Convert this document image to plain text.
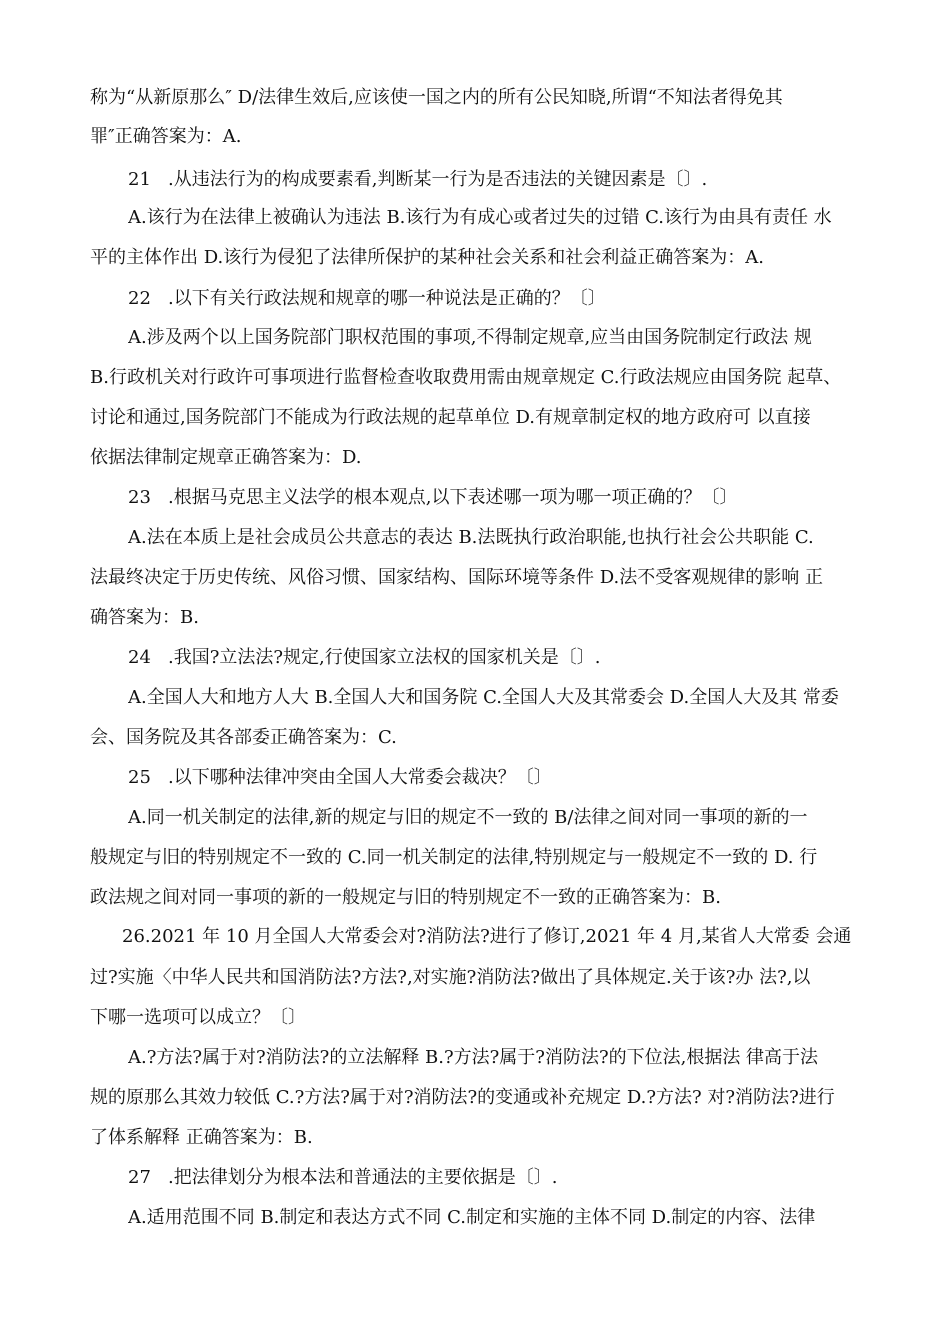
称为“从新原那么″ D/法律生效后,应该使一国之内的所有公民知晓,所谓“不知法者得免其
罪″正确答案为：A.
21 .从违法行为的构成要素看,判断某一行为是否违法的关键因素是〔〕.
A.该行为在法律上被确认为违法 B.该行为有成心或者过失的过错 C.该行为由具有责任 水
平的主体作出 D.该行为侵犯了法律所保护的某种社会关系和社会利益正确答案为：A.
22 .以下有关行政法规和规章的哪一种说法是正确的？〔〕
A.涉及两个以上国务院部门职权范围的事项,不得制定规章,应当由国务院制定行政法 规
B.行政机关对行政许可事项进行监督检查收取费用需由规章规定 C.行政法规应由国务院 起草、
讨论和通过,国务院部门不能成为行政法规的起草单位 D.有规章制定权的地方政府可 以直接
依据法律制定规章正确答案为：D.
23 .根据马克思主义法学的根本观点,以下表述哪一项为哪一项正确的？〔〕
A.法在本质上是社会成员公共意志的表达 B.法既执行政治职能,也执行社会公共职能 C.
法最终决定于历史传统、风俗习惯、国家结构、国际环境等条件 D.法不受客观规律的影响 正
确答案为：B.
24 .我国?立法法?规定,行使国家立法权的国家机关是〔〕.
A.全国人大和地方人大 B.全国人大和国务院 C.全国人大及其常委会 D.全国人大及其 常委
会、国务院及其各部委正确答案为：C.
25 .以下哪种法律冲突由全国人大常委会裁决？〔〕
A.同一机关制定的法律,新的规定与旧的规定不一致的 B/法律之间对同一事项的新的一
般规定与旧的特别规定不一致的 C.同一机关制定的法律,特别规定与一般规定不一致的 D. 行
政法规之间对同一事项的新的一般规定与旧的特别规定不一致的正确答案为：B.
26.2021 年 10 月全国人大常委会对?消防法?进行了修订,2021 年 4 月,某省人大常委 会通
过?实施〈中华人民共和国消防法?方法?,对实施?消防法?做出了具体规定.关于该?办 法?,以
下哪一选项可以成立？〔〕
A.?方法?属于对?消防法?的立法解释 B.?方法?属于?消防法?的下位法,根据法 律高于法
规的原那么其效力较低 C.?方法?属于对?消防法?的变通或补充规定 D.?方法? 对?消防法?进行
了体系解释 正确答案为：B.
27 .把法律划分为根本法和普通法的主要依据是〔〕.
A.适用范围不同 B.制定和表达方式不同 C.制定和实施的主体不同 D.制定的内容、法律
